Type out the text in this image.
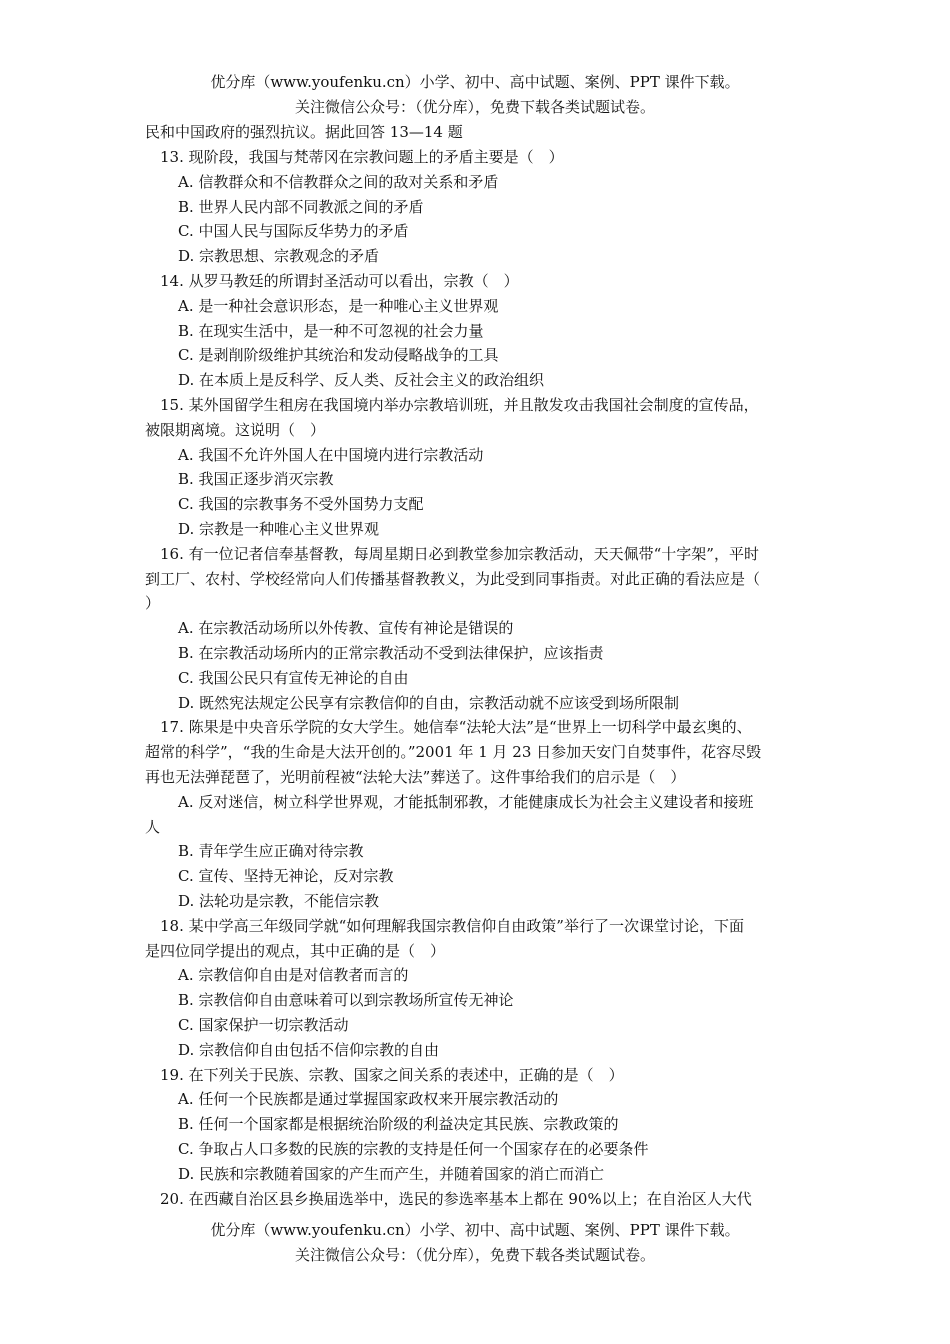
优分库（www.youfenku.cn）小学、初中、高中试题、案例、PPT 课件下载。
关注微信公众号：（优分库），免费下载各类试题试卷。
民和中国政府的强烈抗议。据此回答 13—14 题
13. 现阶段，我国与梵蒂冈在宗教问题上的矛盾主要是（　）
A. 信教群众和不信教群众之间的敌对关系和矛盾
B. 世界人民内部不同教派之间的矛盾
C. 中国人民与国际反华势力的矛盾
D. 宗教思想、宗教观念的矛盾
14. 从罗马教廷的所谓封圣活动可以看出，宗教（　）
A. 是一种社会意识形态，是一种唯心主义世界观
B. 在现实生活中，是一种不可忽视的社会力量
C. 是剥削阶级维护其统治和发动侵略战争的工具
D. 在本质上是反科学、反人类、反社会主义的政治组织
15. 某外国留学生租房在我国境内举办宗教培训班，并且散发攻击我国社会制度的宣传品，
被限期离境。这说明（　）
A. 我国不允许外国人在中国境内进行宗教活动
B. 我国正逐步消灭宗教
C. 我国的宗教事务不受外国势力支配
D. 宗教是一种唯心主义世界观
16. 有一位记者信奉基督教，每周星期日必到教堂参加宗教活动，天天佩带“十字架”，平时
到工厂、农村、学校经常向人们传播基督教教义，为此受到同事指责。对此正确的看法应是（
）
A. 在宗教活动场所以外传教、宣传有神论是错误的
B. 在宗教活动场所内的正常宗教活动不受到法律保护，应该指责
C. 我国公民只有宣传无神论的自由
D. 既然宪法规定公民享有宗教信仰的自由，宗教活动就不应该受到场所限制
17. 陈果是中央音乐学院的女大学生。她信奉“法轮大法”是“世界上一切科学中最玄奥的、
超常的科学”，“我的生命是大法开创的。”2001 年 1 月 23 日参加天安门自焚事件，花容尽毁
再也无法弹琵琶了，光明前程被“法轮大法”葬送了。这件事给我们的启示是（　）
A. 反对迷信，树立科学世界观，才能抵制邪教，才能健康成长为社会主义建设者和接班
人
B. 青年学生应正确对待宗教
C. 宣传、坚持无神论，反对宗教
D. 法轮功是宗教，不能信宗教
18. 某中学高三年级同学就“如何理解我国宗教信仰自由政策”举行了一次课堂讨论，下面
是四位同学提出的观点，其中正确的是（　）
A. 宗教信仰自由是对信教者而言的
B. 宗教信仰自由意味着可以到宗教场所宣传无神论
C. 国家保护一切宗教活动
D. 宗教信仰自由包括不信仰宗教的自由
19. 在下列关于民族、宗教、国家之间关系的表述中，正确的是（　）
A. 任何一个民族都是通过掌握国家政权来开展宗教活动的
B. 任何一个国家都是根据统治阶级的利益决定其民族、宗教政策的
C. 争取占人口多数的民族的宗教的支持是任何一个国家存在的必要条件
D. 民族和宗教随着国家的产生而产生，并随着国家的消亡而消亡
20. 在西藏自治区县乡换届选举中，选民的参选率基本上都在 90%以上；在自治区人大代
优分库（www.youfenku.cn）小学、初中、高中试题、案例、PPT 课件下载。
关注微信公众号：（优分库），免费下载各类试题试卷。
